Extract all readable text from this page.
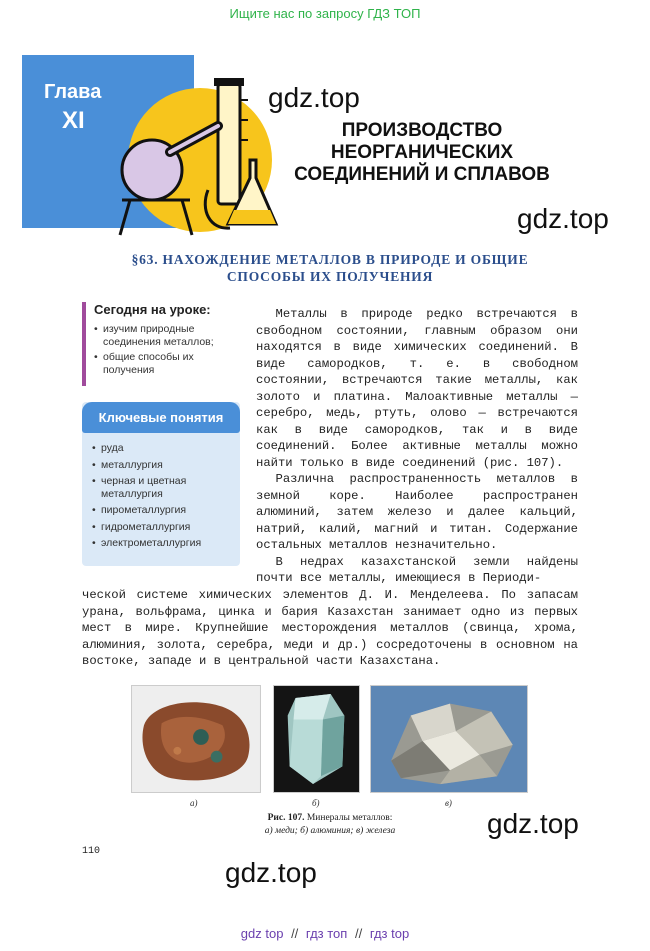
Ищите нас по запросу ГДЗ ТОП
Глава
XI
gdz.top
gdz.top
gdz.top
gdz.top
ПРОИЗВОДСТВО
НЕОРГАНИЧЕСКИХ
СОЕДИНЕНИЙ И СПЛАВОВ
§63. НАХОЖДЕНИЕ МЕТАЛЛОВ В ПРИРОДЕ И ОБЩИЕ СПОСОБЫ ИХ ПОЛУЧЕНИЯ
Сегодня на уроке:
• изучим природные соединения металлов;
• общие способы их получения
Ключевые понятия
• руда
• металлургия
• черная и цветная металлургия
• пирометаллургия
• гидрометаллургия
• электрометаллургия

Металлы в природе редко встречаются в свободном состоянии, главным образом они находятся в виде химических соединений. В виде самородков, т. е. в свободном состоянии, встречаются такие металлы, как золото и платина. Малоактивные металлы — серебро, медь, ртуть, олово — встречаются как в виде самородков, так и в виде соединений. Более активные металлы можно найти только в виде соединений (рис. 107).

Различна распространенность металлов в земной коре. Наиболее распространен алюминий, затем железо и далее кальций, натрий, калий, магний и титан. Содержание остальных металлов незначительно.

В недрах казахстанской земли найдены почти все металлы, имеющиеся в Периоди-

ческой системе химических элементов Д. И. Менделеева. По запасам урана, вольфрама, цинка и бария Казахстан занимает одно из первых мест в мире. Крупнейшие месторождения металлов (свинца, хрома, алюминия, золота, серебра, меди и др.) сосредоточены в основном на востоке, западе и в центральной части Казахстана.

а)	б)	в)
Рис. 107. Минералы металлов:
а) меди; б) алюминия; в) железа
110
gdz top // гдз топ // гдз top
